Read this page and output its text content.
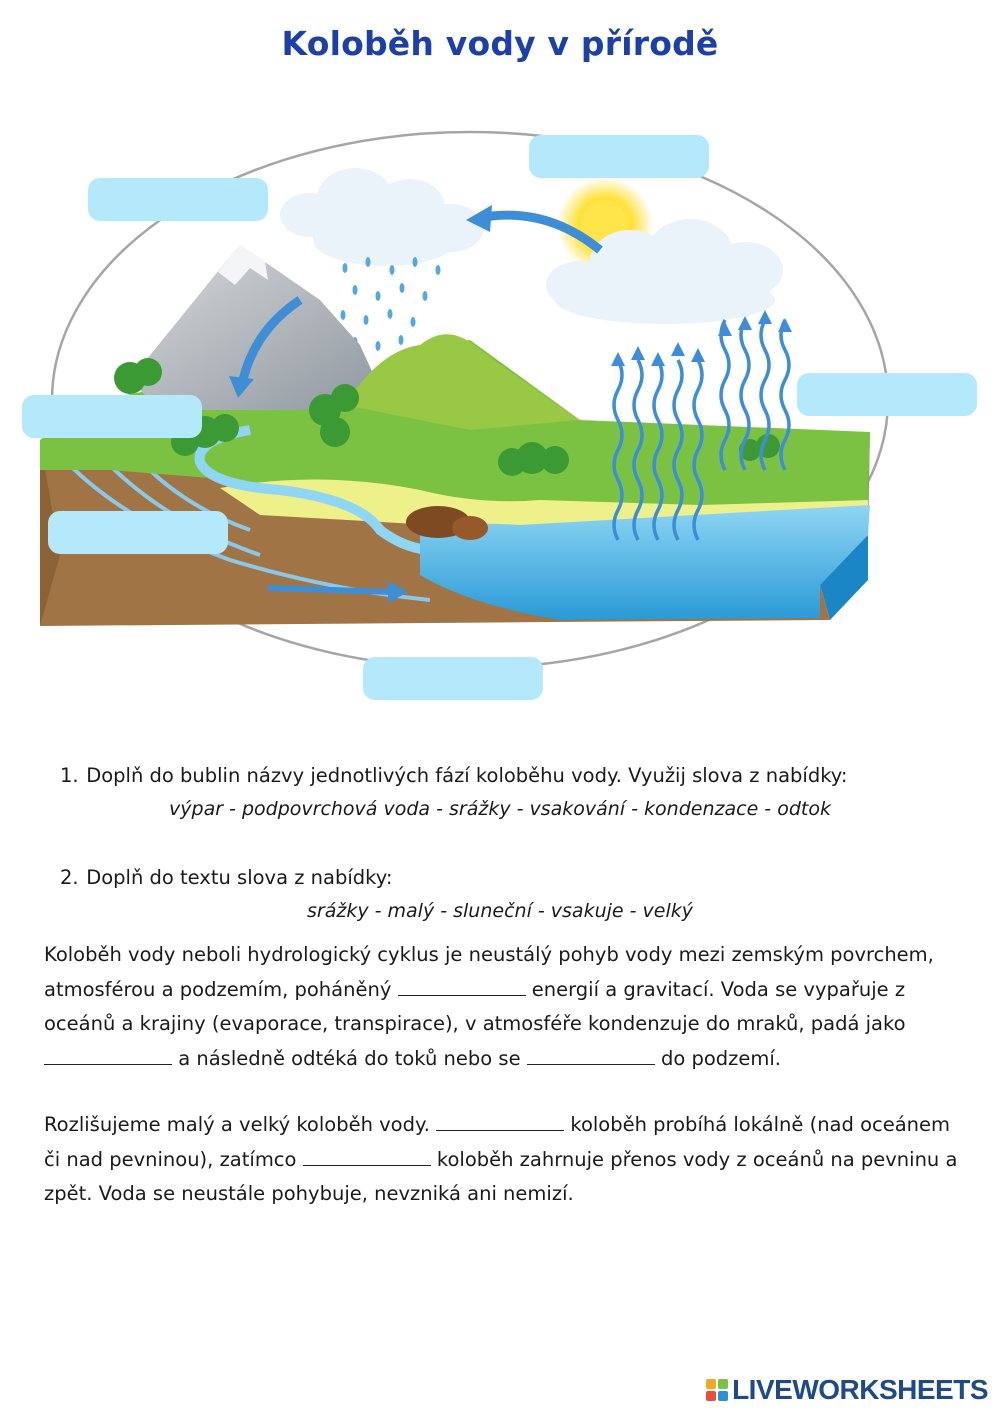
Koloběh vody v přírodě
1. Doplň do bublin názvy jednotlivých fází koloběhu vody. Využij slova z nabídky:
výpar - podpovrchová voda - srážky - vsakování - kondenzace - odtok
2. Doplň do textu slova z nabídky:
srážky - malý - sluneční - vsakuje - velký
Koloběh vody neboli hydrologický cyklus je neustálý pohyb vody mezi zemským povrchem, atmosférou a podzemím, poháněný	energií a gravitací. Voda se vypařuje z oceánů a krajiny (evaporace, transpirace), v atmosféře kondenzuje do mraků, padá jako  a následně odtéká do toků nebo se	do podzemí.
Rozlišujeme malý a velký koloběh vody.	koloběh probíhá lokálně (nad oceánem či nad pevninou), zatímco	koloběh zahrnuje přenos vody z oceánů na pevninu a zpět. Voda se neustále pohybuje, nevzniká ani nemizí.
LIVEWORKSHEETS
